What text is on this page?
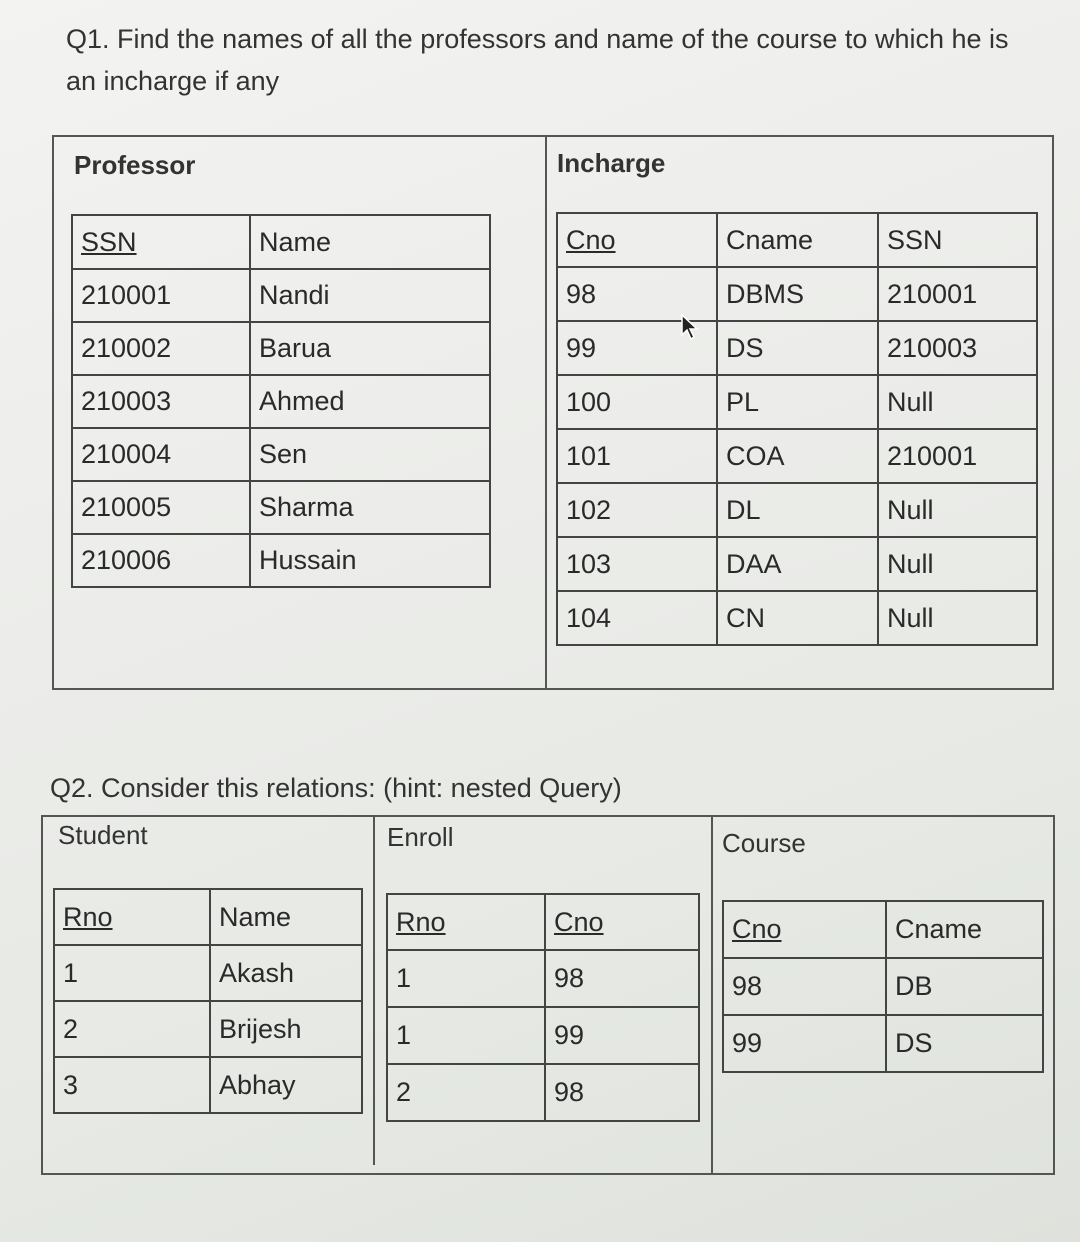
Q1. Find the names of all the professors and name of the course to which he is an incharge if any
Professor
SSN	Name
210001	Nandi
210002	Barua
210003	Ahmed
210004	Sen
210005	Sharma
210006	Hussain
Incharge
Cno	Cname	SSN
98	DBMS	210001
99	DS	210003
100	PL	Null
101	COA	210001
102	DL	Null
103	DAA	Null
104	CN	Null
Q2. Consider this relations: (hint: nested Query)
Student
Rno	Name
1	Akash
2	Brijesh
3	Abhay
Enroll
Rno	Cno
1	98
1	99
2	98
Course
Cno	Cname
98	DB
99	DS
